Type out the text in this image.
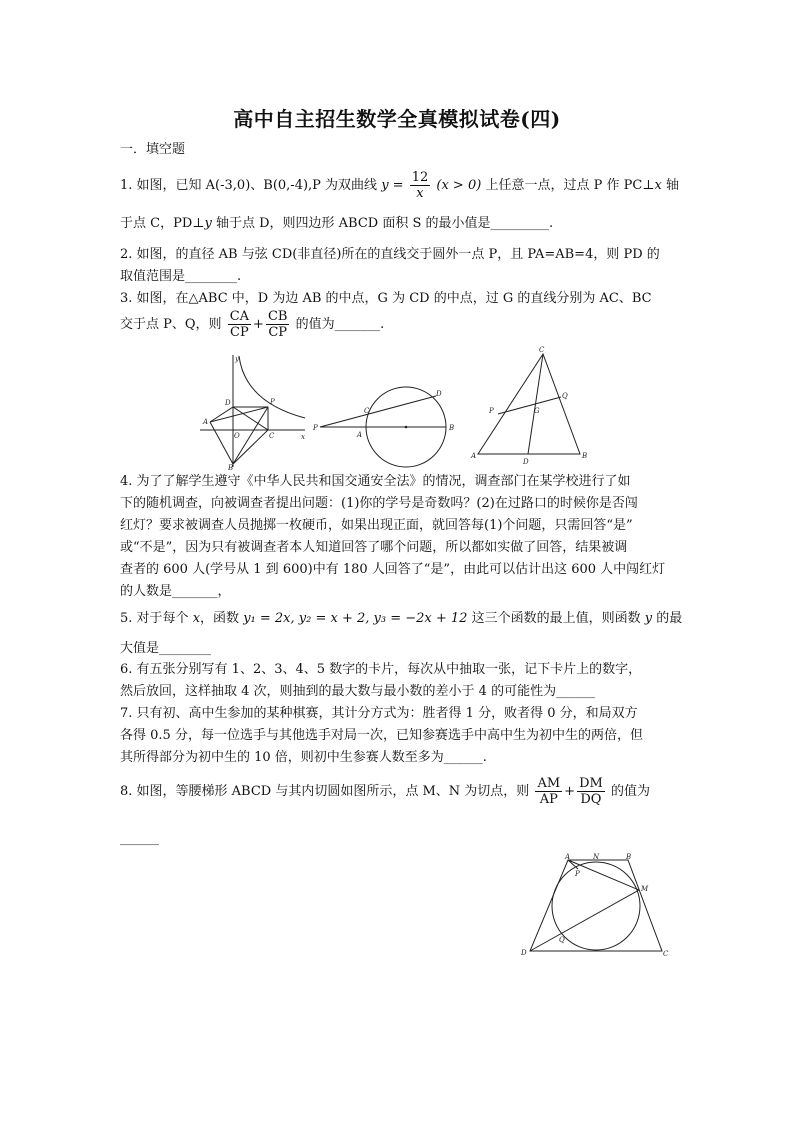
高中自主招生数学全真模拟试卷(四)
一．填空题
1. 如图，已知 A(-3,0)、B(0,-4),P 为双曲线 $y = \frac{12}{x} (x > 0)$ 上任意一点，过点 P 作 PC⊥x 轴
于点 C，PD⊥y 轴于点 D，则四边形 ABCD 面积 S 的最小值是_________.
2. 如图，的直径 AB 与弦 CD(非直径)所在的直线交于圆外一点 P，且 PA=AB=4，则 PD 的
取值范围是________.
3. 如图，在△ABC 中，D 为边 AB 的中点，G 为 CD 的中点，过 G 的直线分别为 AC、BC
交于点 P、Q，则 $\frac{CA}{CP} + \frac{CB}{CP}$ 的值为_______.
A
D	P
O	C
B
x
y
P
A
C
D
B
C
P
Q
G
A
D
B
4. 为了了解学生遵守《中华人民共和国交通安全法》的情况，调查部门在某学校进行了如
下的随机调查，向被调查者提出问题：(1)你的学号是奇数吗？(2)在过路口的时候你是否闯
红灯？要求被调查人员抛掷一枚硬币，如果出现正面，就回答每(1)个问题，只需回答“是”
或“不是”，因为只有被调查者本人知道回答了哪个问题，所以都如实做了回答，结果被调
查者的 600 人(学号从 1 到 600)中有 180 人回答了“是”，由此可以估计出这 600 人中闯红灯
的人数是_______，
5. 对于每个 x，函数 y₁ = 2x, y₂ = x + 2, y₃ = −2x + 12 这三个函数的最上值，则函数 y 的最
大值是________
6. 有五张分别写有 1、2、3、4、5 数字的卡片，每次从中抽取一张，记下卡片上的数字，
然后放回，这样抽取 4 次，则抽到的最大数与最小数的差小于 4 的可能性为______
7. 只有初、高中生参加的某种棋赛，其计分方式为：胜者得 1 分，败者得 0 分，和局双方
各得 0.5 分，每一位选手与其他选手对局一次，已知参赛选手中高中生为初中生的两倍，但
其所得部分为初中生的 10 倍，则初中生参赛人数至多为______.
8. 如图，等腰梯形 ABCD 与其内切圆如图所示，点 M、N 为切点，则 $\frac{AM}{AP} + \frac{DM}{DQ}$ 的值为
______
A	N	B
P
M
Q
D	C
